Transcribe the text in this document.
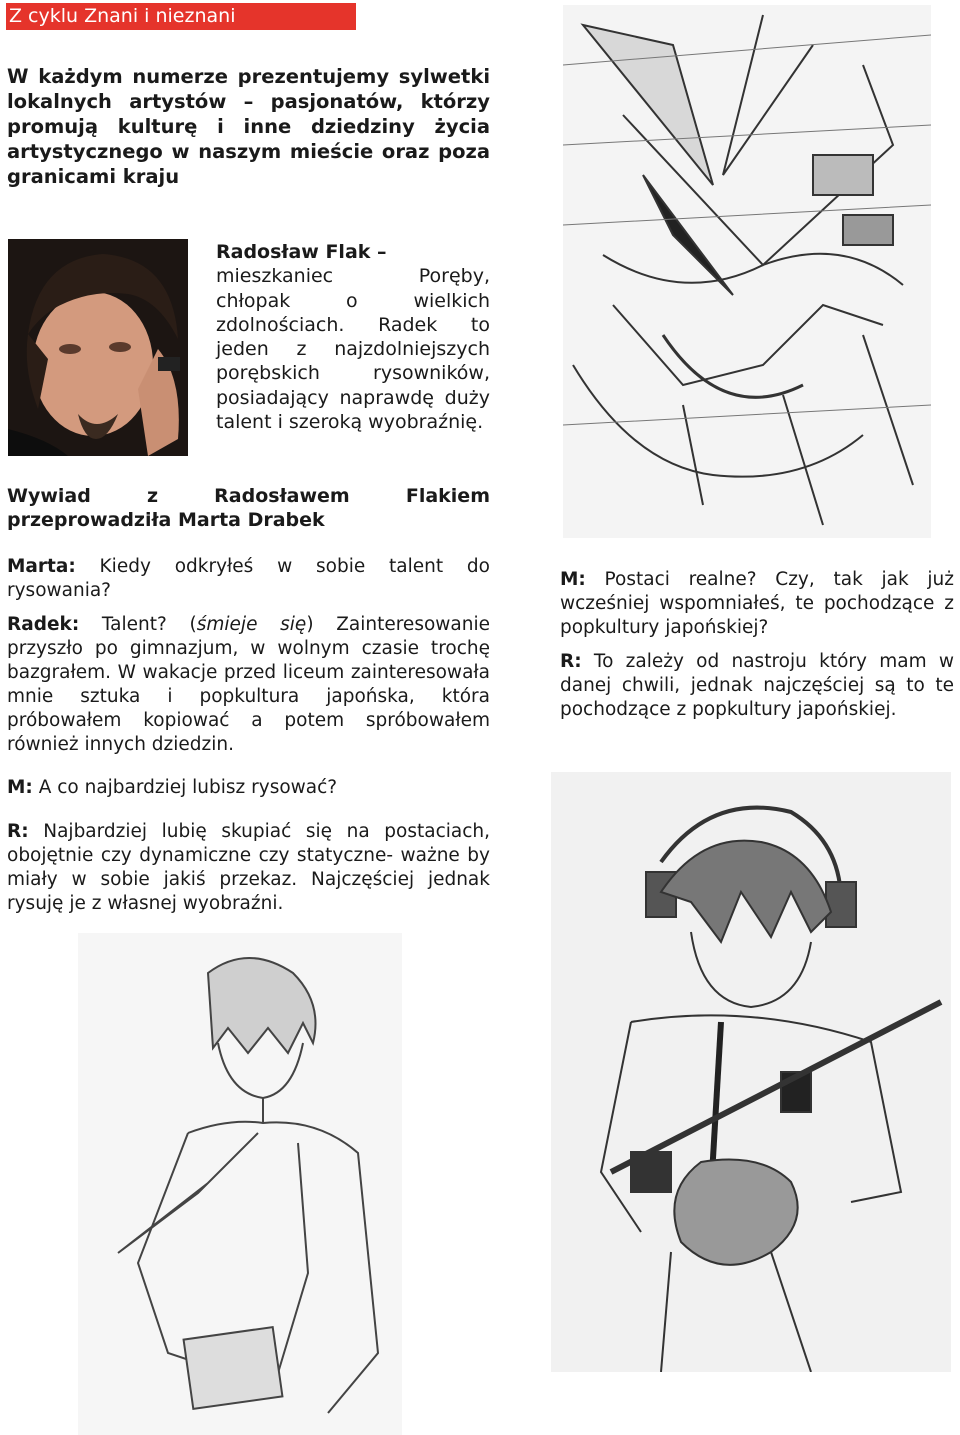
Z cyklu Znani i nieznani
W każdym numerze prezentujemy sylwetki lokalnych artystów – pasjonatów, którzy promują kulturę i inne dziedziny życia artystycznego w naszym mieście oraz poza granicami kraju
Radosław Flak –
mieszkaniec Poręby, chłopak o wielkich zdolnościach. Radek to jeden z najzdolniejszych porębskich rysowników, posiadający naprawdę duży talent i szeroką wyobraźnię.
Wywiad z Radosławem Flakiem przeprowadziła Marta Drabek

Marta: Kiedy odkryłeś w sobie talent do rysowania?

Radek: Talent? (śmieje się) Zainteresowanie przyszło po gimnazjum, w wolnym czasie trochę bazgrałem. W wakacje przed liceum zainteresowała mnie sztuka i popkultura japońska, która próbowałem kopiować a potem spróbowałem również innych dziedzin.

M: A co najbardziej lubisz rysować?

R: Najbardziej lubię skupiać się na postaciach, obojętnie czy dynamiczne czy statyczne- ważne by miały w sobie jakiś przekaz. Najczęściej jednak rysuję je z własnej wyobraźni.

M: Postaci realne? Czy, tak jak już wcześniej wspomniałeś, te pochodzące z popkultury japońskiej?

R: To zależy od nastroju który mam w danej chwili, jednak najczęściej są to te pochodzące z popkultury japońskiej.
